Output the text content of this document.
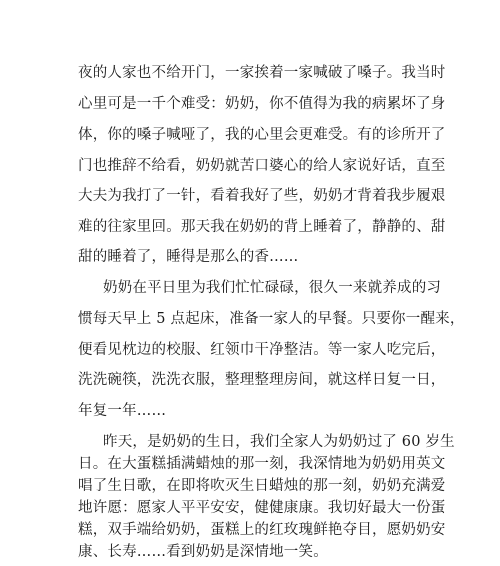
夜的人家也不给开门，一家挨着一家喊破了嗓子。我当时
心里可是一千个难受：奶奶，你不值得为我的病累坏了身
体，你的嗓子喊哑了，我的心里会更难受。有的诊所开了
门也推辞不给看，奶奶就苦口婆心的给人家说好话，直至
大夫为我打了一针，看着我好了些，奶奶才背着我步履艰
难的往家里回。那天我在奶奶的背上睡着了，静静的、甜
甜的睡着了，睡得是那么的香……
奶奶在平日里为我们忙忙碌碌，很久一来就养成的习
惯每天早上 5 点起床，准备一家人的早餐。只要你一醒来，
便看见枕边的校服、红领巾干净整洁。等一家人吃完后，
洗洗碗筷，洗洗衣服，整理整理房间，就这样日复一日，
年复一年……
昨天，是奶奶的生日，我们全家人为奶奶过了 60 岁生
日。在大蛋糕插满蜡烛的那一刻，我深情地为奶奶用英文
唱了生日歌，在即将吹灭生日蜡烛的那一刻，奶奶充满爱
地许愿：愿家人平平安安，健健康康。我切好最大一份蛋
糕，双手端给奶奶，蛋糕上的红玫瑰鲜艳夺目，愿奶奶安
康、长寿……看到奶奶是深情地一笑。
